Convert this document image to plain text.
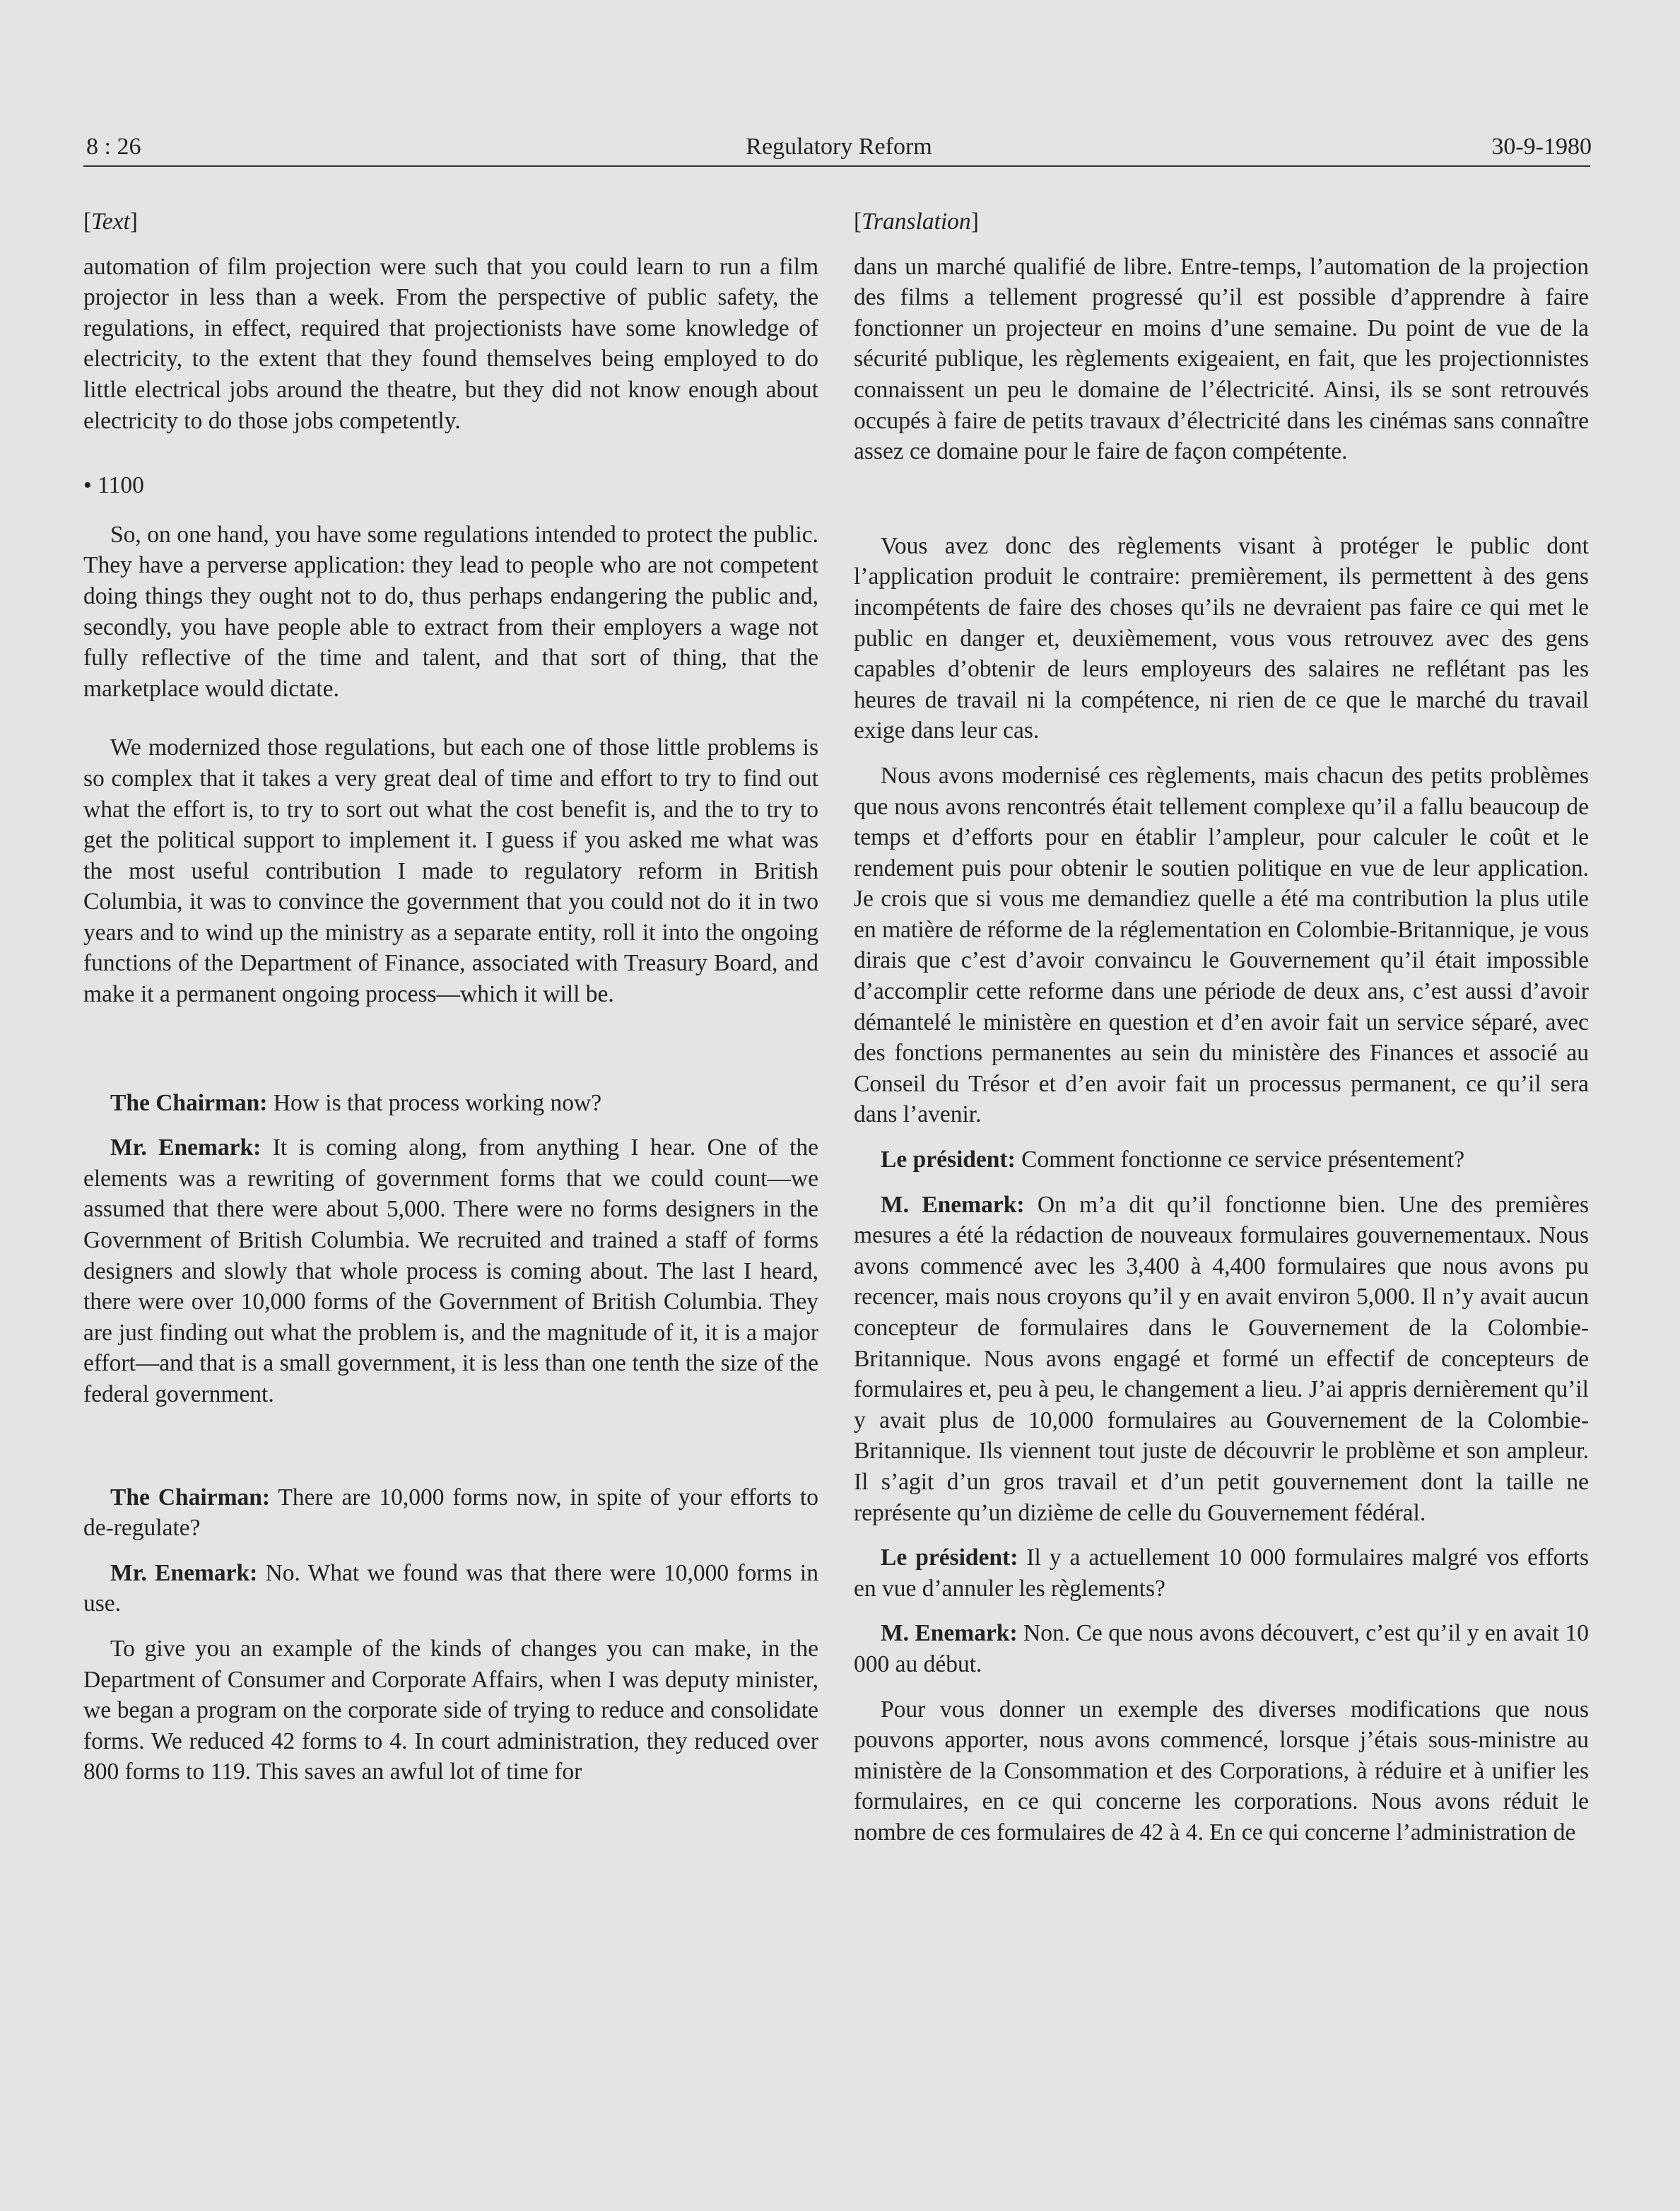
8 : 26	Regulatory Reform	30-9-1980

[Text]

automation of film projection were such that you could learn to run a film projector in less than a week. From the perspective of public safety, the regulations, in effect, required that projectionists have some knowledge of electricity, to the extent that they found themselves being employed to do little electrical jobs around the theatre, but they did not know enough about electricity to do those jobs competently.

• 1100

So, on one hand, you have some regulations intended to protect the public. They have a perverse application: they lead to people who are not competent doing things they ought not to do, thus perhaps endangering the public and, secondly, you have people able to extract from their employers a wage not fully reflective of the time and talent, and that sort of thing, that the marketplace would dictate.

We modernized those regulations, but each one of those little problems is so complex that it takes a very great deal of time and effort to try to find out what the effort is, to try to sort out what the cost benefit is, and the to try to get the political support to implement it. I guess if you asked me what was the most useful contribution I made to regulatory reform in British Columbia, it was to convince the government that you could not do it in two years and to wind up the ministry as a separate entity, roll it into the ongoing functions of the Department of Finance, associated with Treasury Board, and make it a permanent ongoing process—which it will be.

The Chairman: How is that process working now?

Mr. Enemark: It is coming along, from anything I hear. One of the elements was a rewriting of government forms that we could count—we assumed that there were about 5,000. There were no forms designers in the Government of British Columbia. We recruited and trained a staff of forms designers and slowly that whole process is coming about. The last I heard, there were over 10,000 forms of the Government of British Columbia. They are just finding out what the problem is, and the magnitude of it, it is a major effort—and that is a small government, it is less than one tenth the size of the federal government.

The Chairman: There are 10,000 forms now, in spite of your efforts to de-regulate?

Mr. Enemark: No. What we found was that there were 10,000 forms in use.

To give you an example of the kinds of changes you can make, in the Department of Consumer and Corporate Affairs, when I was deputy minister, we began a program on the corporate side of trying to reduce and consolidate forms. We reduced 42 forms to 4. In court administration, they reduced over 800 forms to 119. This saves an awful lot of time for

[Translation]

dans un marché qualifié de libre. Entre-temps, l’automation de la projection des films a tellement progressé qu’il est possible d’apprendre à faire fonctionner un projecteur en moins d’une semaine. Du point de vue de la sécurité publique, les règlements exigeaient, en fait, que les projectionnistes connaissent un peu le domaine de l’électricité. Ainsi, ils se sont retrouvés occupés à faire de petits travaux d’électricité dans les cinémas sans connaître assez ce domaine pour le faire de façon compétente.

Vous avez donc des règlements visant à protéger le public dont l’application produit le contraire: premièrement, ils permettent à des gens incompétents de faire des choses qu’ils ne devraient pas faire ce qui met le public en danger et, deuxièmement, vous vous retrouvez avec des gens capables d’obtenir de leurs employeurs des salaires ne reflétant pas les heures de travail ni la compétence, ni rien de ce que le marché du travail exige dans leur cas.

Nous avons modernisé ces règlements, mais chacun des petits problèmes que nous avons rencontrés était tellement complexe qu’il a fallu beaucoup de temps et d’efforts pour en établir l’ampleur, pour calculer le coût et le rendement puis pour obtenir le soutien politique en vue de leur application. Je crois que si vous me demandiez quelle a été ma contribution la plus utile en matière de réforme de la réglementation en Colombie-Britannique, je vous dirais que c’est d’avoir convaincu le Gouvernement qu’il était impossible d’accomplir cette reforme dans une période de deux ans, c’est aussi d’avoir démantelé le ministère en question et d’en avoir fait un service séparé, avec des fonctions permanentes au sein du ministère des Finances et associé au Conseil du Trésor et d’en avoir fait un processus permanent, ce qu’il sera dans l’avenir.

Le président: Comment fonctionne ce service présentement?

M. Enemark: On m’a dit qu’il fonctionne bien. Une des premières mesures a été la rédaction de nouveaux formulaires gouvernementaux. Nous avons commencé avec les 3,400 à 4,400 formulaires que nous avons pu recencer, mais nous croyons qu’il y en avait environ 5,000. Il n’y avait aucun concepteur de formulaires dans le Gouvernement de la Colombie-Britannique. Nous avons engagé et formé un effectif de concepteurs de formulaires et, peu à peu, le changement a lieu. J’ai appris dernièrement qu’il y avait plus de 10,000 formulaires au Gouvernement de la Colombie-Britannique. Ils viennent tout juste de découvrir le problème et son ampleur. Il s’agit d’un gros travail et d’un petit gouvernement dont la taille ne représente qu’un dizième de celle du Gouvernement fédéral.

Le président: Il y a actuellement 10 000 formulaires malgré vos efforts en vue d’annuler les règlements?

M. Enemark: Non. Ce que nous avons découvert, c’est qu’il y en avait 10 000 au début.

Pour vous donner un exemple des diverses modifications que nous pouvons apporter, nous avons commencé, lorsque j’étais sous-ministre au ministère de la Consommation et des Corporations, à réduire et à unifier les formulaires, en ce qui concerne les corporations. Nous avons réduit le nombre de ces formulaires de 42 à 4. En ce qui concerne l’administration de
